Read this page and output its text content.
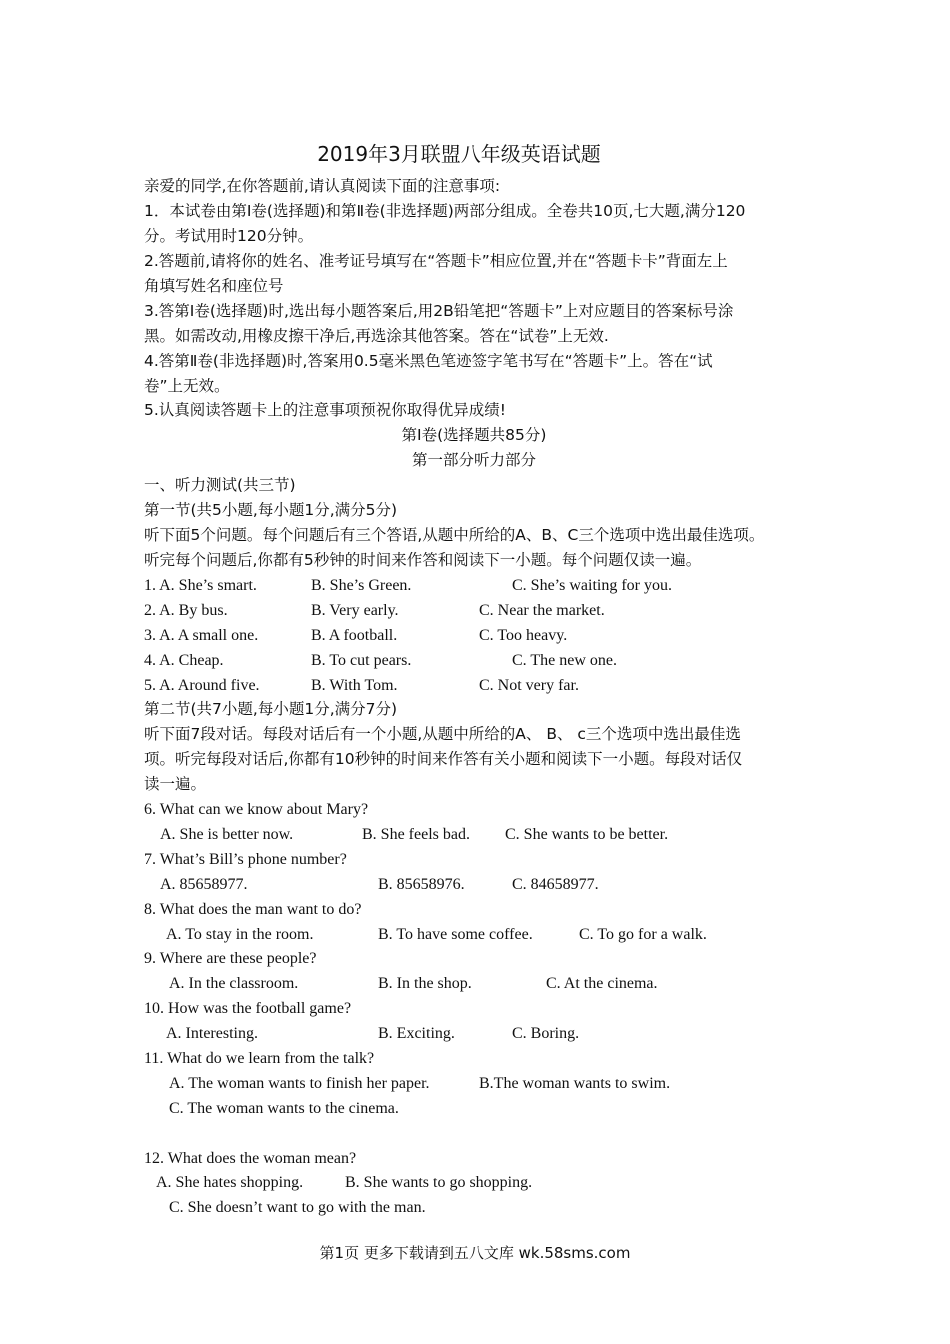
2019年3月联盟八年级英语试题
亲爱的同学,在你答题前,请认真阅读下面的注意事项:
1．本试卷由第Ⅰ卷(选择题)和第Ⅱ卷(非选择题)两部分组成。全卷共10页,七大题,满分120
分。考试用时120分钟。
2.答题前,请将你的姓名、准考证号填写在“答题卡”相应位置,并在“答题卡卡”背面左上
角填写姓名和座位号
3.答第I卷(选择题)时,选出每小题答案后,用2B铅笔把“答题卡”上对应题目的答案标号涂
黑。如需改动,用橡皮擦干净后,再选涂其他答案。答在“试卷”上无效.
4.答第Ⅱ卷(非选择题)时,答案用0.5毫米黑色笔迹签字笔书写在“答题卡”上。答在“试
卷”上无效。
5.认真阅读答题卡上的注意事项预祝你取得优异成绩!
第I卷(选择题共85分)
第一部分听力部分
一、听力测试(共三节)
第一节(共5小题,每小题1分,满分5分)
听下面5个问题。每个问题后有三个答语,从题中所给的A、B、C三个选项中选出最佳选项。
听完每个问题后,你都有5秒钟的时间来作答和阅读下一小题。每个问题仅读一遍。
1. A. She’s smart.	B. She’s Green.	C. She’s waiting for you.
2. A. By bus.	B. Very early.	C. Near the market.
3. A. A small one.	B. A football.	C. Too heavy.
4. A. Cheap.	B. To cut pears.	C. The new one.
5. A. Around five.	B. With Tom.	C. Not very far.
第二节(共7小题,每小题1分,满分7分)
听下面7段对话。每段对话后有一个小题,从题中所给的A、 B、 c三个选项中选出最佳选
项。听完每段对话后,你都有10秒钟的时间来作答有关小题和阅读下一小题。每段对话仅
读一遍。
6. What can we know about Mary?
A. She is better now.	B. She feels bad. C. She wants to be better.
7. What’s Bill’s phone number?
A. 85658977.	B. 85658976.	C. 84658977.
8. What does the man want to do?
A. To stay in the room.	B. To have some coffee.	C. To go for a walk.
9. Where are these people?
A. In the classroom.	B. In the shop.	C. At the cinema.
10. How was the football game?
A. Interesting.	B. Exciting.	C. Boring.
11. What do we learn from the talk?
A. The woman wants to finish her paper.	B.The woman wants to swim.
C. The woman wants to the cinema.
12. What does the woman mean?
A. She hates shopping.	B. She wants to go shopping.
C. She doesn’t want to go with the man.
第1页 更多下载请到五八文库 wk.58sms.com
